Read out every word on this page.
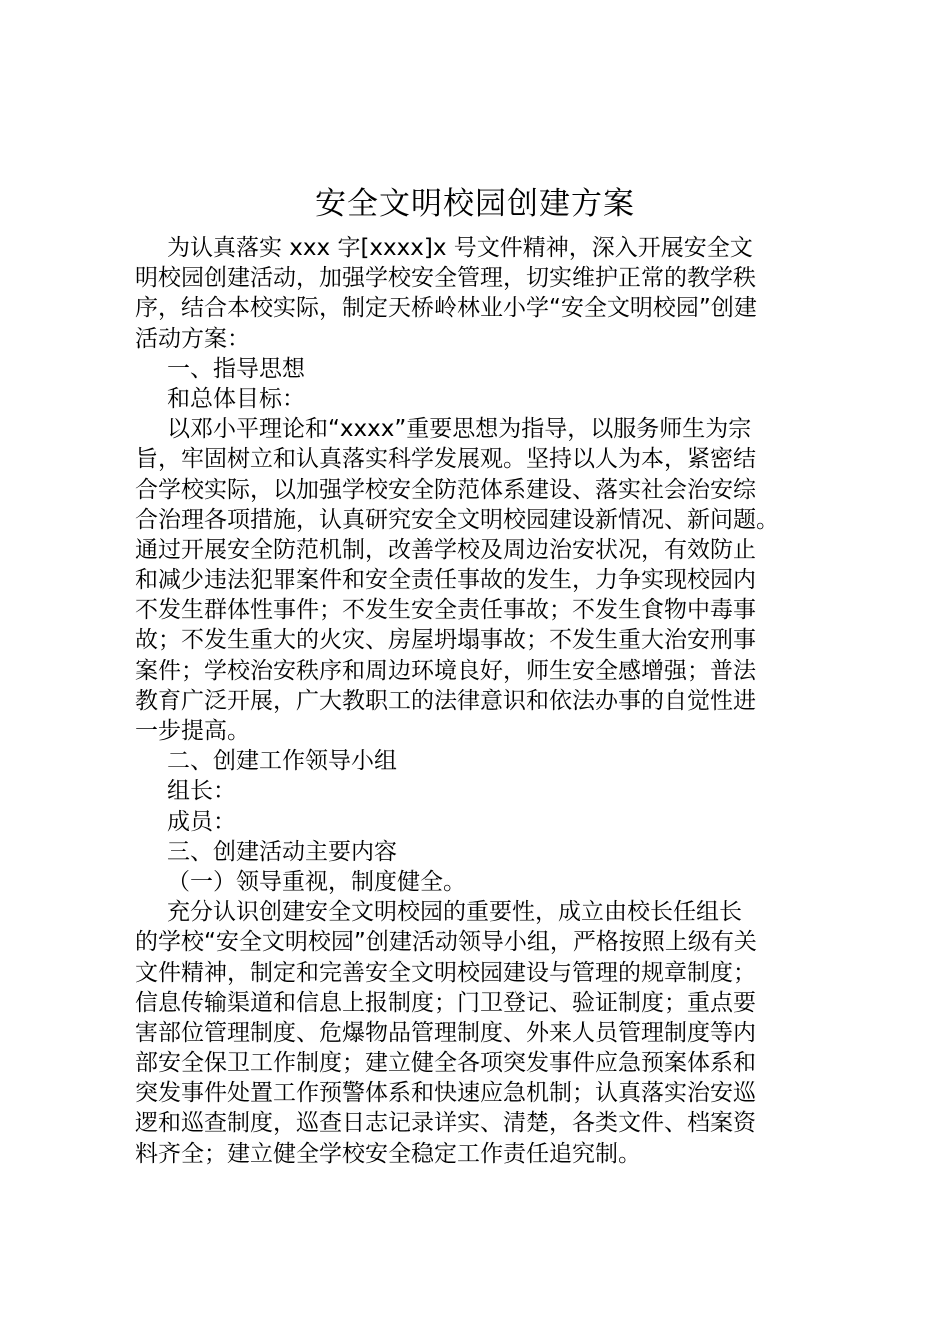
安全文明校园创建方案
为认真落实 xxx 字[xxxx]x 号文件精神，深入开展安全文
明校园创建活动，加强学校安全管理，切实维护正常的教学秩
序，结合本校实际，制定天桥岭林业小学“安全文明校园”创建
活动方案：
一、指导思想
和总体目标：
以邓小平理论和“xxxx”重要思想为指导，以服务师生为宗
旨，牢固树立和认真落实科学发展观。坚持以人为本，紧密结
合学校实际，以加强学校安全防范体系建设、落实社会治安综
合治理各项措施，认真研究安全文明校园建设新情况、新问题。
通过开展安全防范机制，改善学校及周边治安状况，有效防止
和减少违法犯罪案件和安全责任事故的发生，力争实现校园内
不发生群体性事件；不发生安全责任事故；不发生食物中毒事
故；不发生重大的火灾、房屋坍塌事故；不发生重大治安刑事
案件；学校治安秩序和周边环境良好，师生安全感增强；普法
教育广泛开展，广大教职工的法律意识和依法办事的自觉性进
一步提高。
二、创建工作领导小组
组长：
成员：
三、创建活动主要内容
（一）领导重视，制度健全。
充分认识创建安全文明校园的重要性，成立由校长任组长
的学校“安全文明校园”创建活动领导小组，严格按照上级有关
文件精神，制定和完善安全文明校园建设与管理的规章制度；
信息传输渠道和信息上报制度；门卫登记、验证制度；重点要
害部位管理制度、危爆物品管理制度、外来人员管理制度等内
部安全保卫工作制度；建立健全各项突发事件应急预案体系和
突发事件处置工作预警体系和快速应急机制；认真落实治安巡
逻和巡查制度，巡查日志记录详实、清楚，各类文件、档案资
料齐全；建立健全学校安全稳定工作责任追究制。
